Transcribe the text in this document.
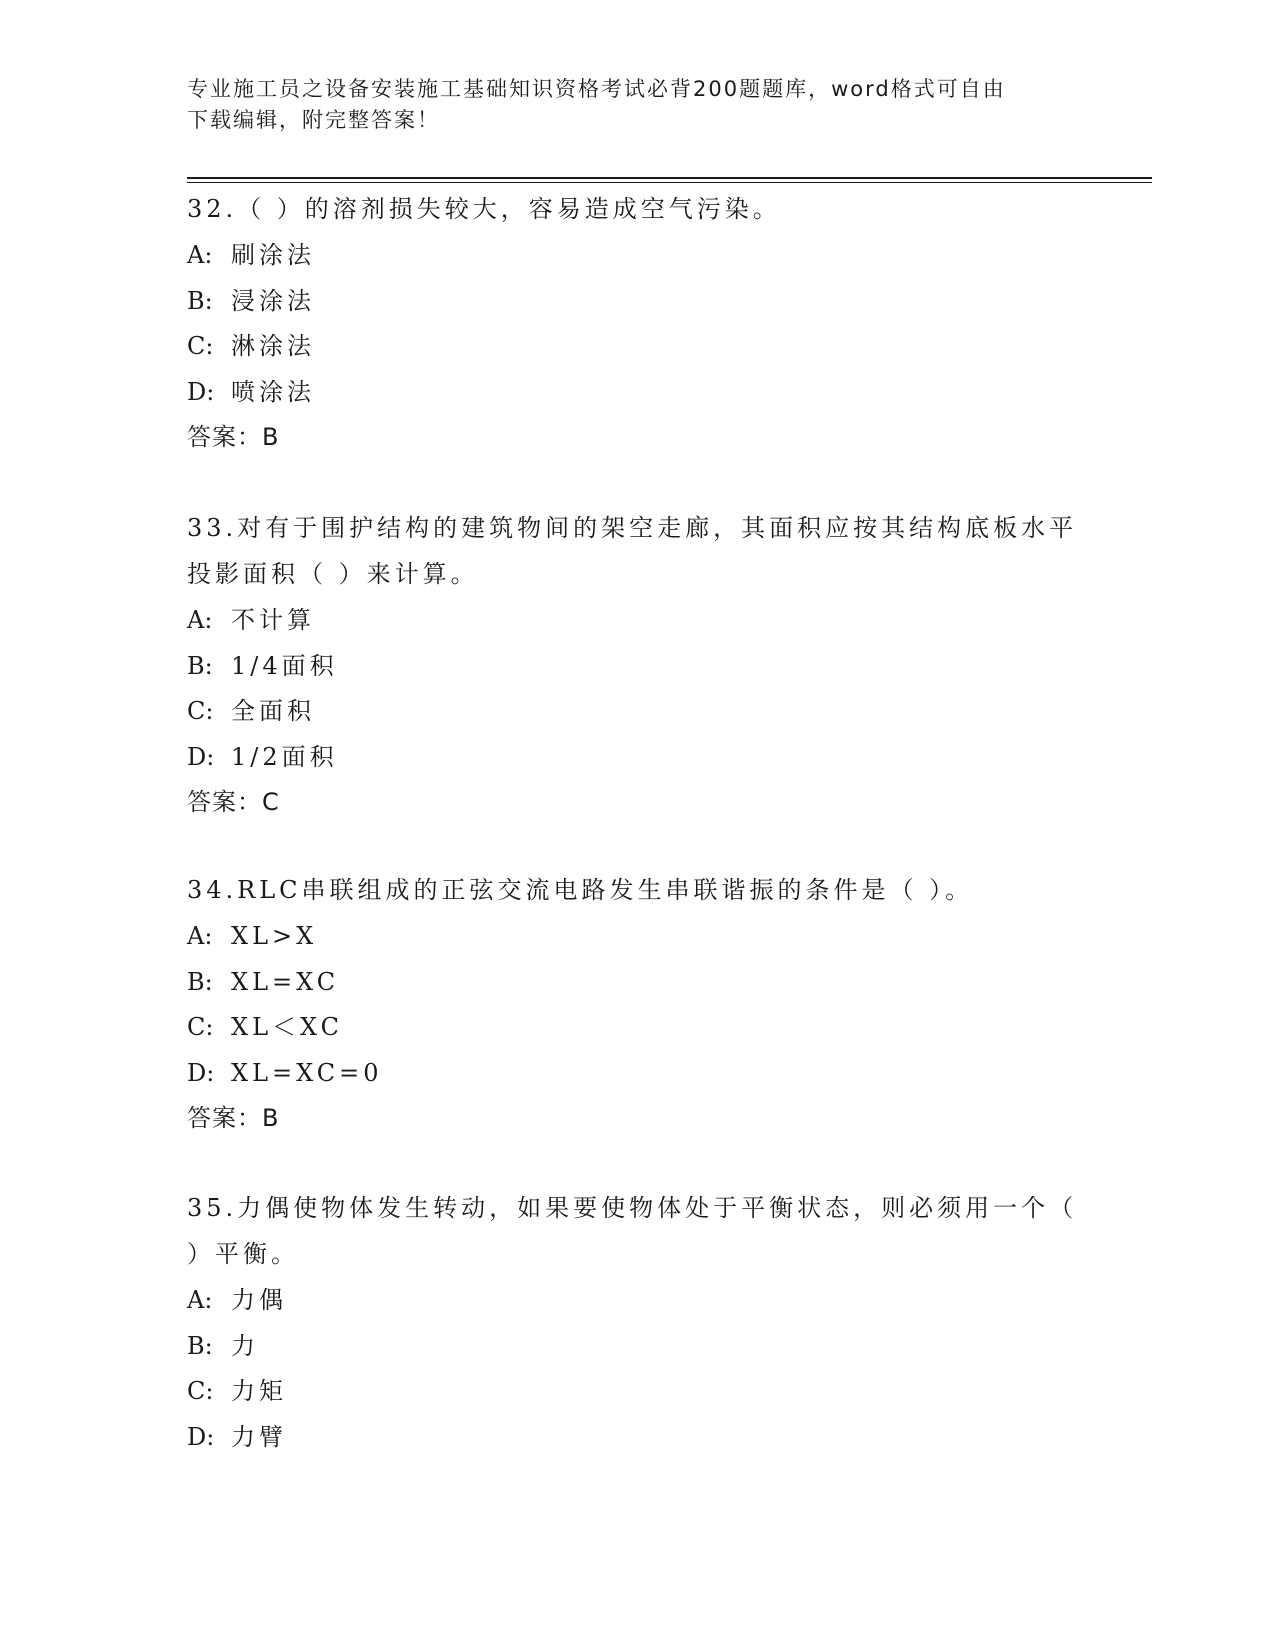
专业施工员之设备安装施工基础知识资格考试必背200题题库，word格式可自由
下载编辑，附完整答案！
32.（ ）的溶剂损失较大，容易造成空气污染。
A: 刷涂法
B: 浸涂法
C: 淋涂法
D: 喷涂法
答案：B
33.对有于围护结构的建筑物间的架空走廊，其面积应按其结构底板水平投影面积（ ）来计算。
A: 不计算
B: 1/4面积
C: 全面积
D: 1/2面积
答案：C
34.RLC串联组成的正弦交流电路发生串联谐振的条件是（ ）。
A: XL>X
B: XL=XC
C: XL＜XC
D: XL=XC=0
答案：B
35.力偶使物体发生转动，如果要使物体处于平衡状态，则必须用一个（ ）平衡。
A: 力偶
B: 力
C: 力矩
D: 力臂
